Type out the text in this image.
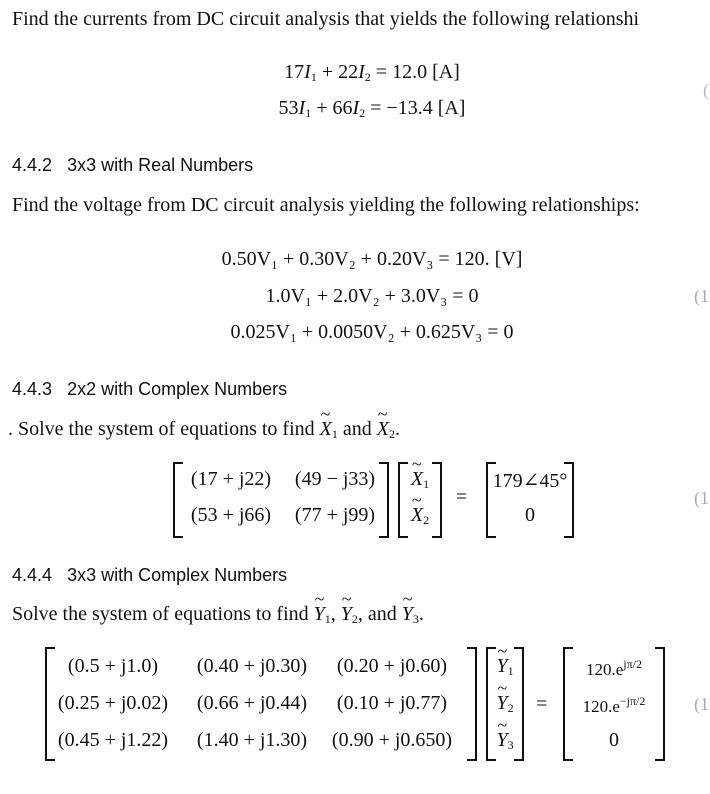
Find the currents from DC circuit analysis that yields the following relationshi
$17I_1 + 22I_2 = 12.0$ [A]
$53I_1 + 66I_2 = -13.4$ [A]
(
4.4.2 3x3 with Real Numbers
Find the voltage from DC circuit analysis yielding the following relationships:
0.50V₁ + 0.30V₂ + 0.20V₃ = 120. [V]
1.0V₁ + 2.0V₂ + 3.0V₃ = 0
0.025V₁ + 0.0050V₂ + 0.625V₃ = 0
(1
4.4.3 2x2 with Complex Numbers
. Solve the system of equations to find ~ $X_1$ and ~ $X_2$.
(17 + j22) (49 − j33)
(53 + j66) (77 + j99)
~ $X_1$
~ $X_2$
=
179∠45°
0
(1
4.4.4 3x3 with Complex Numbers
Solve the system of equations to find ~ $Y_1$, ~ $Y_2$, and ~ $Y_3$.
(0.5 + j1.0) (0.40 + j0.30) (0.20 + j0.60)
(0.25 + j0.02) (0.66 + j0.44) (0.10 + j0.77)
(0.45 + j1.22) (1.40 + j1.30) (0.90 + j0.650)
~ $Y_1$
~ $Y_2$
~ $Y_3$
=
$120.e^{j\pi/2}$
$120.e^{-j\pi/2}$
0
(1
